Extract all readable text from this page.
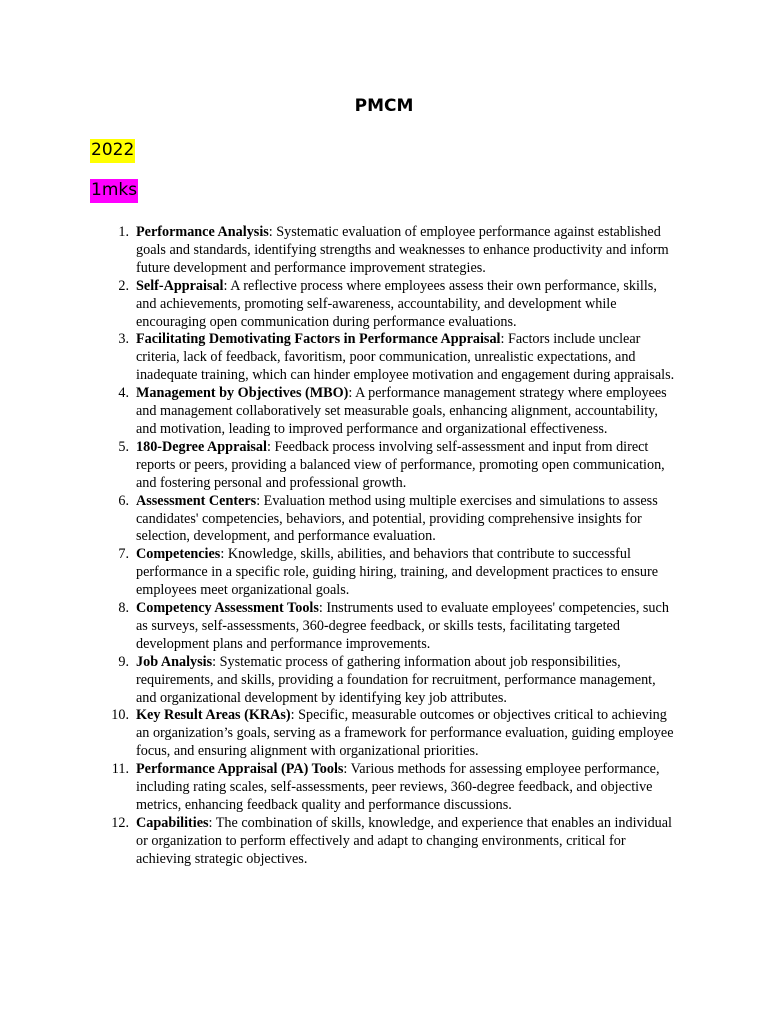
PMCM
2022
1mks
1. Performance Analysis: Systematic evaluation of employee performance against established goals and standards, identifying strengths and weaknesses to enhance productivity and inform future development and performance improvement strategies.
2. Self-Appraisal: A reflective process where employees assess their own performance, skills, and achievements, promoting self-awareness, accountability, and development while encouraging open communication during performance evaluations.
3. Facilitating Demotivating Factors in Performance Appraisal: Factors include unclear criteria, lack of feedback, favoritism, poor communication, unrealistic expectations, and inadequate training, which can hinder employee motivation and engagement during appraisals.
4. Management by Objectives (MBO): A performance management strategy where employees and management collaboratively set measurable goals, enhancing alignment, accountability, and motivation, leading to improved performance and organizational effectiveness.
5. 180-Degree Appraisal: Feedback process involving self-assessment and input from direct reports or peers, providing a balanced view of performance, promoting open communication, and fostering personal and professional growth.
6. Assessment Centers: Evaluation method using multiple exercises and simulations to assess candidates' competencies, behaviors, and potential, providing comprehensive insights for selection, development, and performance evaluation.
7. Competencies: Knowledge, skills, abilities, and behaviors that contribute to successful performance in a specific role, guiding hiring, training, and development practices to ensure employees meet organizational goals.
8. Competency Assessment Tools: Instruments used to evaluate employees' competencies, such as surveys, self-assessments, 360-degree feedback, or skills tests, facilitating targeted development plans and performance improvements.
9. Job Analysis: Systematic process of gathering information about job responsibilities, requirements, and skills, providing a foundation for recruitment, performance management, and organizational development by identifying key job attributes.
10. Key Result Areas (KRAs): Specific, measurable outcomes or objectives critical to achieving an organization’s goals, serving as a framework for performance evaluation, guiding employee focus, and ensuring alignment with organizational priorities.
11. Performance Appraisal (PA) Tools: Various methods for assessing employee performance, including rating scales, self-assessments, peer reviews, 360-degree feedback, and objective metrics, enhancing feedback quality and performance discussions.
12. Capabilities: The combination of skills, knowledge, and experience that enables an individual or organization to perform effectively and adapt to changing environments, critical for achieving strategic objectives.
